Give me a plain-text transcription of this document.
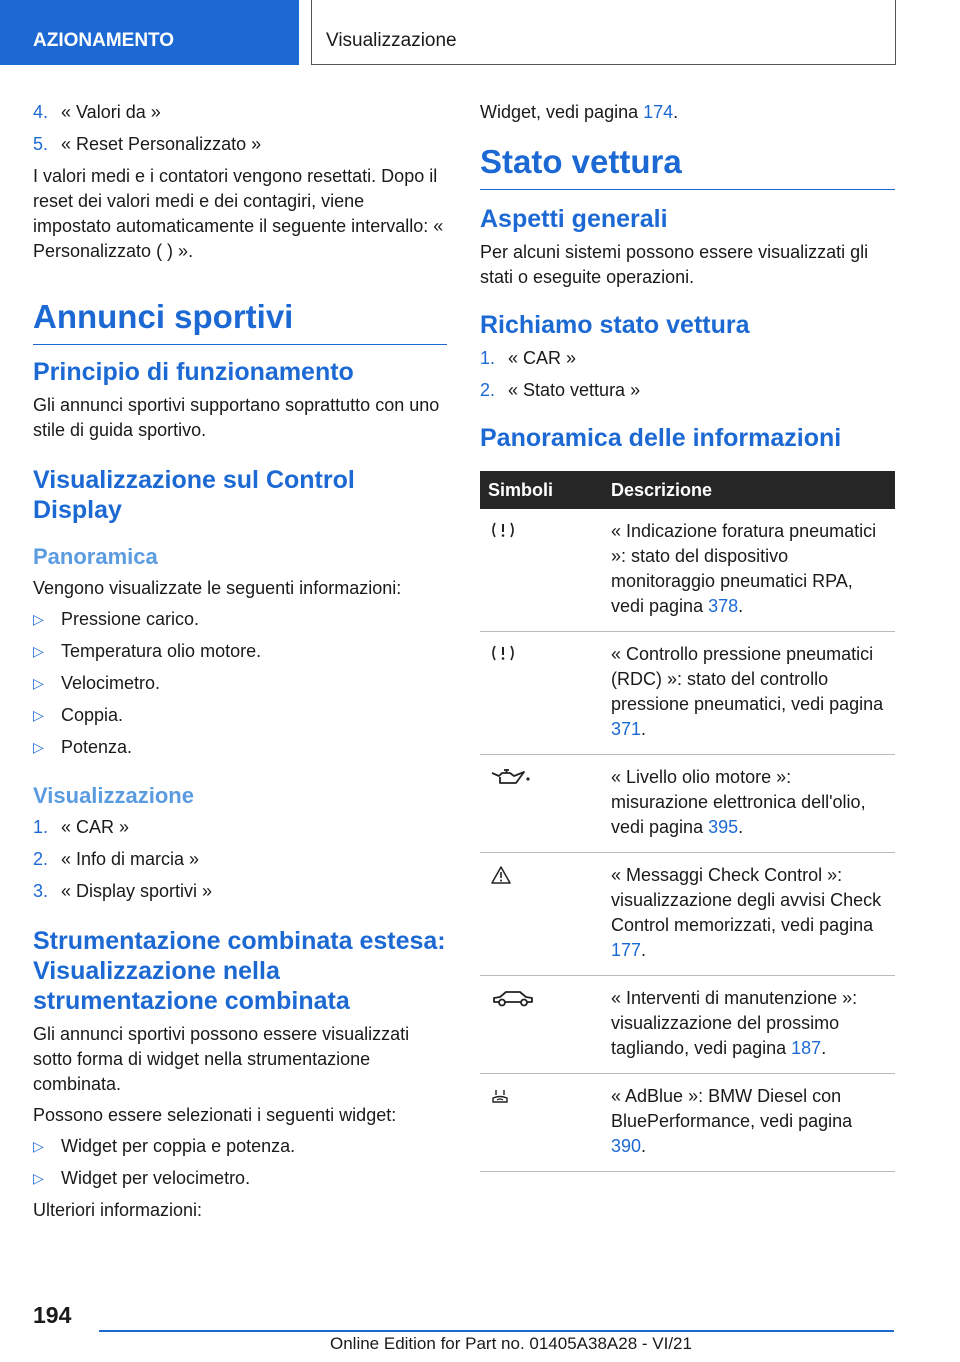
AZIONAMENTO	Visualizzazione
4. « Valori da »
5. « Reset Personalizzato »

I valori medi e i contatori vengono resettati. Dopo il reset dei valori medi e dei contagiri, viene impostato automaticamente il seguente intervallo: « Personalizzato ( ) ».

Annunci sportivi
Principio di funzionamento

Gli annunci sportivi supportano soprattutto con uno stile di guida sportivo.

Visualizzazione sul Control Display
Panoramica

Vengono visualizzate le seguenti informazioni:

▷ Pressione carico.
▷ Temperatura olio motore.
▷ Velocimetro.
▷ Coppia.
▷ Potenza.
Visualizzazione
1. « CAR »
2. « Info di marcia »
3. « Display sportivi »
Strumentazione combinata estesa: Visualizzazione nella strumentazione combinata

Gli annunci sportivi possono essere visualizzati sotto forma di widget nella strumentazione combinata.

Possono essere selezionati i seguenti widget:

▷ Widget per coppia e potenza.
▷ Widget per velocimetro.

Ulteriori informazioni:

Widget, vedi pagina 174.

Stato vettura
Aspetti generali

Per alcuni sistemi possono essere visualizzati gli stati o eseguite operazioni.

Richiamo stato vettura
1. « CAR »
2. « Stato vettura »
Panoramica delle informazioni
Simboli	Descrizione
	« Indicazione foratura pneumatici »: stato del dispositivo monitoraggio pneumatici RPA, vedi pagina 378.
	« Controllo pressione pneumatici (RDC) »: stato del controllo pressione pneumatici, vedi pagina 371.
	« Livello olio motore »: misurazione elettronica dell'olio, vedi pagina 395.
	« Messaggi Check Control »: visualizzazione degli avvisi Check Control memorizzati, vedi pagina 177.
	« Interventi di manutenzione »: visualizzazione del prossimo tagliando, vedi pagina 187.
	« AdBlue »: BMW Diesel con BluePerformance, vedi pagina 390.
194
Online Edition for Part no. 01405A38A28 - VI/21
